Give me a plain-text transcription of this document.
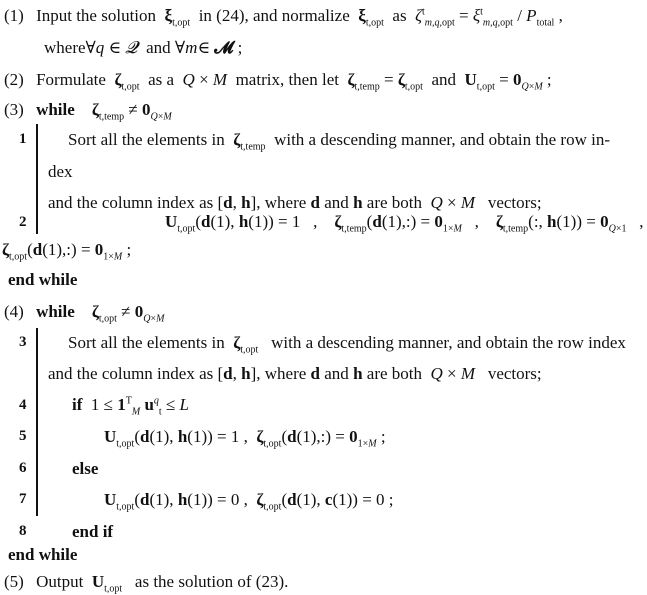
(1) Input the solution $\xi_{t,opt}$ in (24), and normalize $\xi_{t,opt}$ as $\zeta^t_{m,q,opt} = \xi^t_{m,q,opt} / P_{total}$ ,
where∀q ∈ 𝓠 and ∀m∈ 𝓜 ;
(2) Formulate $\zeta_{t,opt}$ as a Q × M matrix, then let $\zeta_{t,temp} = \zeta_{t,opt}$ and $U_{t,opt} = 0_{Q\times M}$ ;
(3) while $\zeta_{t,temp} \ne 0_{Q\times M}$
1 Sort all the elements in $\zeta_{t,temp}$ with a descending manner, and obtain the row in-
dex
and the column index as [d, h], where d and h are both Q × M vectors;
2	$U_{t,opt}(d(1)$, h(1)) = 1   ,    $\zeta_{t,temp}(d(1),:) = 0_{1\times M}$   ,    $\zeta_{t,temp}$(:, $h(1)) = 0_{Q\times 1}$   ,
$\zeta_{t,opt}(d(1),:) = 0_{1\times M}$ ;
end while
(4) while $\zeta_{t,opt} \ne 0_{Q\times M}$
3 Sort all the elements in $\zeta_{t,opt}$ with a descending manner, and obtain the row index
and the column index as [d, h], where d and h are both Q × M vectors;
4	if  $1 \le 1^T_M$ $u^q_t \le L$
5	$U_{t,opt}(d(1)$, h(1)) = 1 ,  $\zeta_{t,opt}(d(1),:) = 0_{1\times M}$ ;
6	else
7	$U_{t,opt}(d(1)$, h(1)) = 0 ,  $\zeta_{t,opt}(d(1)$, c(1)) = 0 ;
8	end if
end while
(5) Output $U_{t,opt}$ as the solution of (23).
